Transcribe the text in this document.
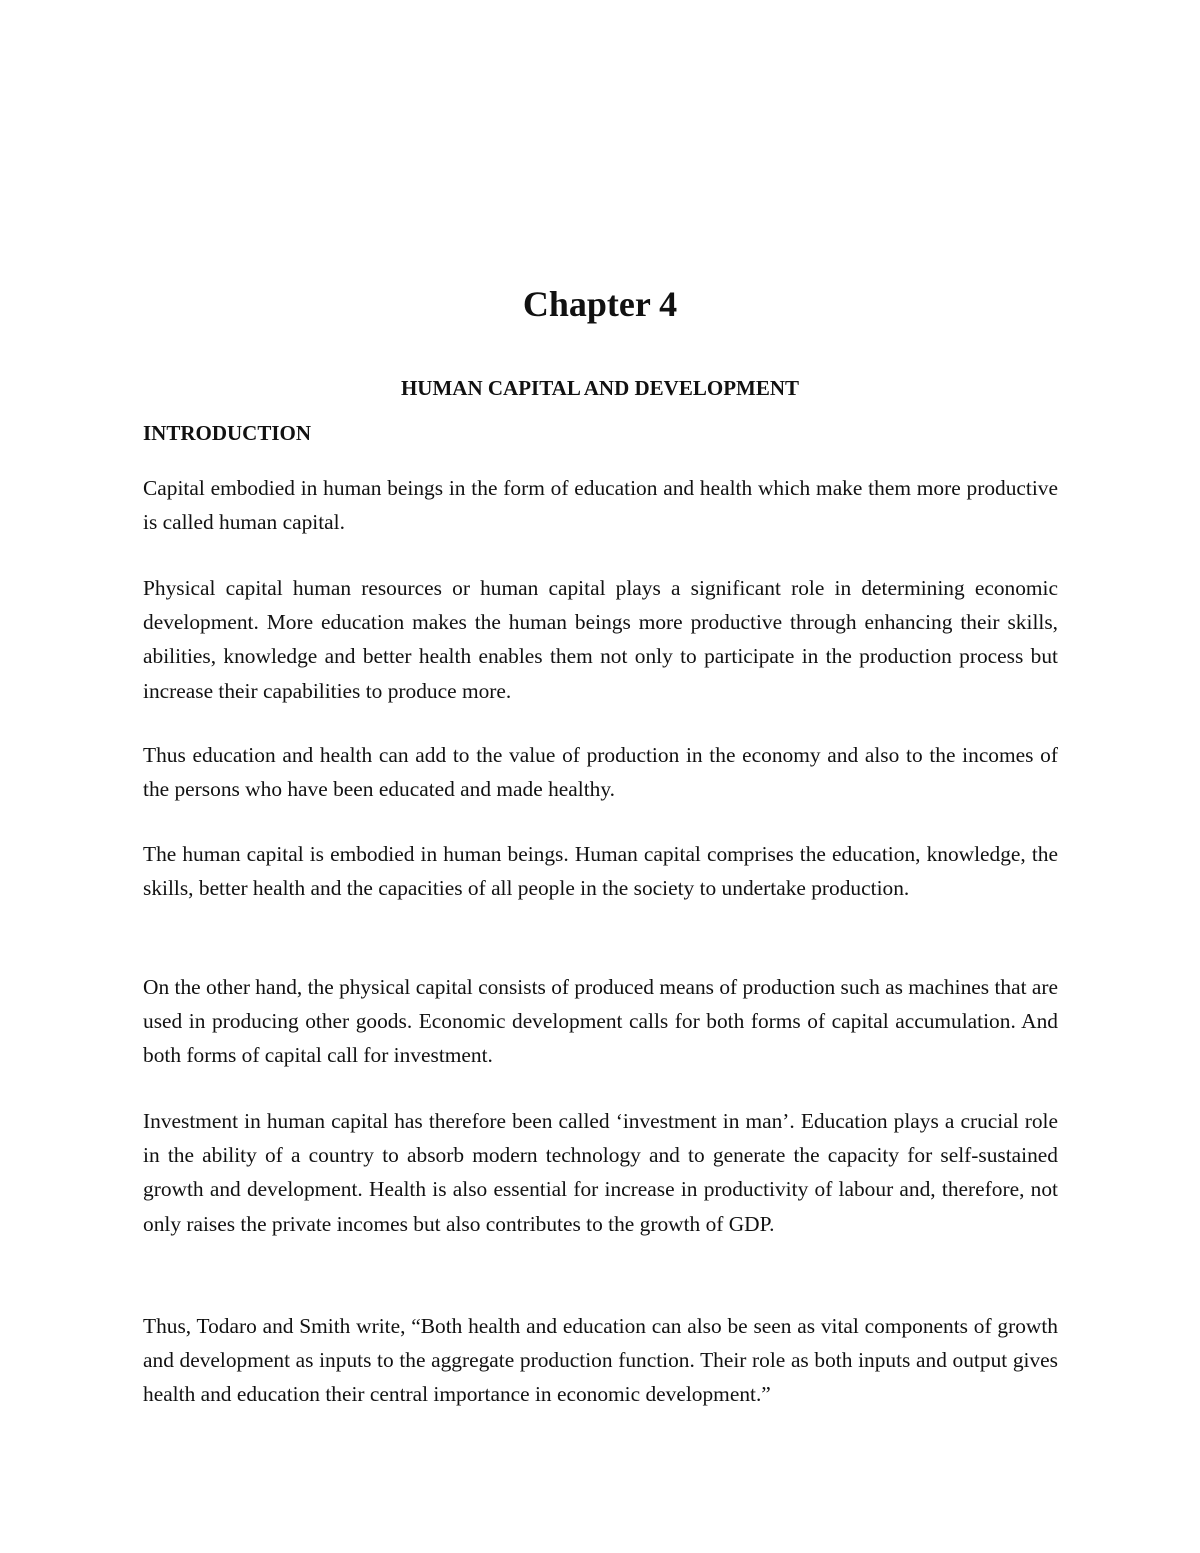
Chapter 4
HUMAN CAPITAL AND DEVELOPMENT
INTRODUCTION

Capital embodied in human beings in the form of education and health which make them more productive is called human capital.

Physical capital human resources or human capital plays a significant role in determining economic development. More education makes the human beings more productive through enhancing their skills, abilities, knowledge and better health enables them not only to participate in the production process but increase their capabilities to produce more.

Thus education and health can add to the value of production in the economy and also to the incomes of the persons who have been educated and made healthy.

The human capital is embodied in human beings. Human capital comprises the education, knowledge, the skills, better health and the capacities of all people in the society to undertake production.

On the other hand, the physical capital consists of produced means of production such as machines that are used in producing other goods. Economic development calls for both forms of capital accumulation. And both forms of capital call for investment.

Investment in human capital has therefore been called ‘investment in man’. Education plays a crucial role in the ability of a country to absorb modern technology and to generate the capacity for self-sustained growth and development. Health is also essential for increase in productivity of labour and, therefore, not only raises the private incomes but also contributes to the growth of GDP.

Thus, Todaro and Smith write, “Both health and education can also be seen as vital components of growth and development as inputs to the aggregate production function. Their role as both inputs and output gives health and education their central importance in economic development.”
